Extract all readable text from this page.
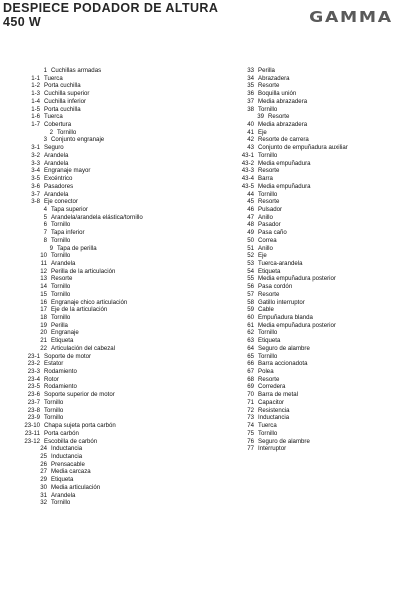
DESPIECE PODADOR DE ALTURA
450 W	GAMMA
1 Cuchillas armadas
1-1 Tuerca
1-2 Porta cuchilla
1-3 Cuchilla superior
1-4 Cuchilla inferior
1-5 Porta cuchilla
1-6 Tuerca
1-7 Cobertura
2 Tornillo
3 Conjunto engranaje
3-1 Seguro
3-2 Arandela
3-3 Arandela
3-4 Engranaje mayor
3-5 Excéntrico
3-6 Pasadores
3-7 Arandela
3-8 Eje conector
4 Tapa superior
5 Arandela/arandela elástica/tornillo
6 Tornillo
7 Tapa inferior
8 Tornillo
9 Tapa de perilla
10 Tornillo
11 Arandela
12 Perilla de la articulación
13 Resorte
14 Tornillo
15 Tornillo
16 Engranaje chico articulación
17 Eje de la articulación
18 Tornillo
19 Perilla
20 Engranaje
21 Etiqueta
22 Articulación del cabezal
23-1 Soporte de motor
23-2 Estator
23-3 Rodamiento
23-4 Rotor
23-5 Rodamiento
23-6 Soporte superior de motor
23-7 Tornillo
23-8 Tornillo
23-9 Tornillo
23-10 Chapa sujeta porta carbón
23-11 Porta carbón
23-12 Escobilla de carbón
24 Inductancia
25 Inductancia
26 Prensacable
27 Media carcaza
29 Etiqueta
30 Media articulación
31 Arandela
32 Tornillo
33 Perilla
34 Abrazadera
35 Resorte
36 Boquilla unión
37 Media abrazadera
38 Tornillo
39 Resorte
40 Media abrazadera
41 Eje
42 Resorte de carrera
43 Conjunto de empuñadura auxiliar
43-1 Tornillo
43-2 Media empuñadura
43-3 Resorte
43-4 Barra
43-5 Media empuñadura
44 Tornillo
45 Resorte
46 Pulsador
47 Anillo
48 Pasador
49 Pasa caño
50 Correa
51 Anillo
52 Eje
53 Tuerca-arandela
54 Etiqueta
55 Media empuñadura posterior
56 Pasa cordón
57 Resorte
58 Gatillo interruptor
59 Cable
60 Empuñadura blanda
61 Media empuñadura posterior
62 Tornillo
63 Etiqueta
64 Seguro de alambre
65 Tornillo
66 Barra accionadota
67 Polea
68 Resorte
69 Corredera
70 Barra de metal
71 Capacitor
72 Resistencia
73 Inductancia
74 Tuerca
75 Tornillo
76 Seguro de alambre
77 Interruptor
